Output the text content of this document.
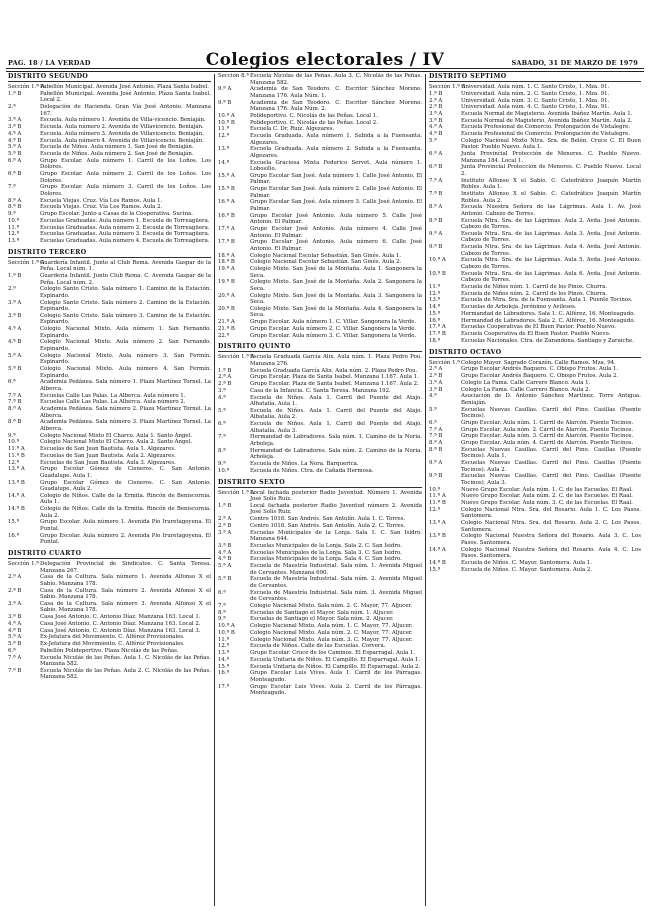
PAG. 18 / LA VERDAD	Colegios electorales / IV	SABADO, 31 DE MARZO DE 1979
DISTRITO SEGUNDO
Sección 1.ª A
Pabellón Municipal. Avenida José Antonio. Plaza Santa Isabel.
1.ª B	Pabellón Municipal. Avenida José Antonio. Plaza Santa Isabel. Local 2.
2.ª	Delegación de Hacienda. Gran Vía José Antonio. Manzana 167.
3.ª A	Escuela. Aula número 1. Avenida de Villa-vicencio. Beniaján.
3.ª B	Escuela. Aula número 2. Avenida de Villavicencio. Beniaján.
4.ª A	Escuela. Aula número 3. Avenida de Villavicencio. Beniaján.
4.ª B	Escuela. Aula número 4. Avenida de Villavicencio. Beniaján.
5.ª A	Escuela de Niños. Aula número 1. San José de Beniaján.
5.ª B	Escuela de Niños. Aula número 2. San José de Beniaján.
6.ª A	Grupo Escolar. Aula número 1. Carril de los Loños. Los Dolores.
6.ª B	Grupo Escolar. Aula número 2. Carril de los Loños. Los Dolores.
7.ª	Grupo Escolar. Aula número 3. Carril de los Loños. Los Dolores.
8.ª A	Escuela Viejas. Cruz. Vía Los Ramos. Aula 1.
8.ª B	Escuela Viejas. Cruz. Vía Los Ramos. Aula 2.
9.ª	Grupo Escolar. Junto a Casas de la Cooperativa. Sucina.
10.ª	Escuelas Graduadas. Aula número 1. Escuela de Torreagüera.
11.ª	Escuelas Graduadas. Aula número 2. Escuela de Torreagüera.
12.ª	Escuelas Graduadas. Aula número 3. Escuela de Torreagüera.
13.ª	Escuelas Graduadas. Aula número 4. Escuela de Torreagüera.
DISTRITO TERCERO
Sección 1.ª A
Guardería Infantil. Junto al Club Rema. Avenida Gaspar de la Peña. Local núm. 1.
1.ª B	Guardería Infantil. Junto Club Rema. C. Avenida Gaspar de la Peña. Local núm. 2.
2.ª	Colegio Santo Cristo. Sala número 1. Camino de la Estación. Espinardo.
3.ª A	Colegio Santo Cristo. Sala número 2. Camino de la Estación. Espinardo.
3.ª B	Colegio Santo Cristo. Sala número 3. Camino de la Estación. Espinardo.
4.ª A	Colegio Nacional Mixto. Aula número 1. San Fernando. Espinardo.
4.ª B	Colegio Nacional Mixto. Aula número 2. San Fernando. Espinardo.
5.ª A	Colegio Nacional Mixto. Aula número 3. San Fermín. Espinardo.
5.ª B	Colegio Nacional Mixto. Aula número 4. San Fermín. Espinardo.
6.ª	Academia Pedánea. Sala número 1. Plaza Martínez Tornel. La Alberca.
7.ª A	Escuelas Calle Las Palas. La Alberca. Aula número 1.
7.ª B	Escuelas Calle Las Palas. La Alberca. Aula número 2.
8.ª A	Academia Pedánea. Sala número 2. Plaza Martínez Tornel. La Alberca.
8.ª B	Academia Pedánea. Sala número 3. Plaza Martínez Tornel. La Alberca.
9.ª	Colegio Nacional Mixto El Charco. Aula 1. Santo Ángel.
10.ª	Colegio Nacional Mixto El Charco. Aula 2. Santo Ángel.
11.ª A	Escuelas de San Juan Bautista. Aula 1. Algezares.
11.ª B	Escuelas de San Juan Bautista. Aula 2. Algezares.
12.ª	Escuelas de San Juan Bautista. Aula 3. Algezares.
13.ª A	Grupo Escolar Gómez de Cisneros. C. San Antonio. Guadalupe. Aula 1.
13.ª B	Grupo Escolar Gómez de Cisneros. C. San Antonio. Guadalupe. Aula 2.
14.ª A	Colegio de Niños. Calle de la Ermita. Rincón de Beniscornia. Aula 1.
14.ª B	Colegio de Niños. Calle de la Ermita. Rincón de Beniscornia. Aula 2.
15.ª	Grupo Escolar. Aula número 1. Avenida Pío Iruretagoyena. El Puntal.
16.ª	Grupo Escolar. Aula número 2. Avenida Pío Iruretagoyena. El Puntal.
DISTRITO CUARTO
Sección 1.ª Delegación Provincial de Sindicatos. C. Santa Teresa. Manzana 267.
2.ª A	Casa de la Cultura. Sala número 1. Avenida Alfonso X el Sabio. Manzana 178.
2.ª B	Casa de la Cultura. Sala número 2. Avenida Alfonso X el Sabio. Manzana 178.
3.ª A	Casa de la Cultura. Sala número 3. Avenida Alfonso X el Sabio. Manzana 178.
3.ª B	Casa José Antonio. C. Antonio Díaz. Manzana 163. Local 1.
4.ª A	Casa José Antonio. C. Antonio Díaz. Manzana 163. Local 2.
4.ª B	Casa José Antonio. C. Antonio Díaz. Manzana 163. Local 3.
5.ª A	Ex-Jefatura del Movimiento. C. Alférez Provisionales.
5.ª B	Ex-Jefatura del Movimiento. C. Alférez Provisionales.
6.ª	Pabellón Polideportivo. Plaza Nicolás de las Peñas.
7.ª A	Escuela Nicolás de las Peñas. Aula 1. C. Nicolás de las Peñas. Manzana 582.
7.ª B	Escuela Nicolás de las Peñas. Aula 2. C. Nicolás de las Peñas. Manzana 582.
Sección 8.ª Escuela Nicolás de las Peñas. Aula 3. C. Nicolás de las Peñas. Manzana 582.
9.ª A	Academia de San Teodoro. C. Escritor Sánchez Moreno. Manzana 176. Aula Núm. 1.
9.ª B	Academia de San Teodoro. C. Escritor Sánchez Moreno. Manzana 176. Aula Núm. 2.
10.ª A	Polideportivo. C. Nicolás de las Peñas. Local 1.
10.ª B	Polideportivo. C. Nicolás de las Peñas. Local 2.
11.ª	Escuela C. Dr. Ruiz. Algezares.
12.ª	Escuela Graduada. Aula número 1. Subida a la Fuensanta. Algezares.
13.ª	Escuela Graduada. Aula número 2. Subida a la Fuensanta. Algezares.
14.ª	Escuela Graciosa Mixta Federico Servet. Aula número 1. Lobosillo.
15.ª A	Grupo Escolar San José. Aula número 1. Calle José Antonio. El Palmar.
15.ª B	Grupo Escolar San José. Aula número 2. Calle José Antonio. El Palmar.
16.ª A	Grupo Escolar San José. Aula número 3. Calle José Antonio. El Palmar.
16.ª B	Grupo Escolar José Antonio. Aula número 5. Calle José Antonio. El Palmar.
17.ª A	Grupo Escolar José Antonio. Aula número 4. Calle José Antonio. El Palmar.
17.ª B	Grupo Escolar José Antonio. Aula número 6. Calle José Antonio. El Palmar.
18.ª A	Colegio Nacional Escolar Sebastián. San Ginés. Aula 1.
18.ª B	Colegio Nacional Escolar Sebastián. San Ginés. Aula 2.
19.ª A	Colegio Mixto. San José de la Montaña. Aula 1. Sangonera la Seca.
19.ª B	Colegio Mixto. San José de la Montaña. Aula 2. Sangonera la Seca.
20.ª A	Colegio Mixto. San José de la Montaña. Aula 3. Sangonera la Seca.
20.ª B	Colegio Mixto. San José de la Montaña. Aula 4. Sangonera la Seca.
21.ª A	Grupo Escolar. Aula número 1. C. Villar. Sangonera la Verde.
21.ª B	Grupo Escolar. Aula número 2. C. Villar. Sangonera la Verde.
22.ª	Grupo Escolar. Aula número 3. C. Villar. Sangonera la Verde.
DISTRITO QUINTO
Sección 1.ª A
Escuela Graduada García Alix. Aula núm. 1. Plaza Pedro Pou. Manzana 276.
1.ª B	Escuela Graduada García Alix. Aula núm. 2. Plaza Pedro Pou.
2.ª A	Grupo Escolar. Plaza de Santa Isabel. Manzana 1.167. Aula 1.
2.ª B	Grupo Escolar. Plaza de Santa Isabel. Manzana 1.167. Aula 2.
3.ª	Casa de la Infancia. C. Santa Teresa. Manzana 192.
4.ª	Escuela de Niños. Aula 1. Carril del Puente del Atajo. Albatalía. Aula 1.
5.ª	Escuela de Niños. Aula 1. Carril del Puente del Atajo. Albatalía. Aula 2.
6.ª	Escuela de Niños. Aula 1. Carril del Puente del Atajo. Albatalía. Aula 3.
7.ª	Hermandad de Labradores. Sala núm. 1. Camino de la Noria. Arboleja.
8.ª	Hermandad de Labradores. Sala núm. 2. Camino de la Noria. Arboleja.
9.ª	Escuela de Niños. La Ñora. Barquerica.
10.ª	Escuela de Niños. Ctra. de Cañada Hermosa.
DISTRITO SEXTO
Sección 1.ª A
Local fachada posterior Radio Juventud. Número 1. Avenida José Solís Ruiz.
1.ª B	Local fachada posterior Radio Juventud número 2. Avenida José Solís Ruiz.
2.ª A	Centro 1018. San Andrés. San Antolín. Aula 1. C. Torres.
2.ª B	Centro 1018. San Andrés. San Antolín. Aula 2. C. Torres.
3.ª A	Escuelas Municipales de la Lonja. Sala 1. C. San Isidro. Manzana 644.
3.ª B	Escuelas Municipales de la Lonja. Sala 2. C. San Isidro.
4.ª A	Escuelas Municipales de la Lonja. Sala 3. C. San Isidro.
4.ª B	Escuelas Municipales de la Lonja. Sala 4. C. San Isidro.
5.ª A	Escuela de Maestría Industrial. Sala núm. 1. Avenida Miguel de Cervantes. Manzana 690.
5.ª B	Escuela de Maestría Industrial. Sala núm. 2. Avenida Miguel de Cervantes.
6.ª	Escuela de Maestría Industrial. Sala núm. 3. Avenida Miguel de Cervantes.
7.ª	Colegio Nacional Mixto. Sala núm. 2. C. Mayor, 77. Aljucer.
8.ª	Escuelas de Santiago el Mayor. Sala núm. 1. Aljucer.
9.ª	Escuelas de Santiago el Mayor. Sala núm. 2. Aljucer.
10.ª A	Colegio Nacional Mixto. Aula núm. 1. C. Mayor, 77. Aljucer.
10.ª B	Colegio Nacional Mixto. Aula núm. 2. C. Mayor, 77. Aljucer.
11.ª	Colegio Nacional Mixto. Aula núm. 3. C. Mayor, 77. Aljucer.
12.ª	Escuela de Niños. Calle de las Escuelas. Corvera.
13.ª	Grupo Escolar. Cruce de los Caminos. El Esparragal. Aula 1.
14.ª	Escuela Unitaria de Niños. El Campillo. El Esparragal. Aula 1.
15.ª	Escuela Unitaria de Niños. El Campillo. El Esparragal. Aula 2.
16.ª	Grupo Escolar Luis Vives. Aula 1. Carril de los Párragas. Monteagudo.
17.ª	Grupo Escolar Luis Vives. Aula 2. Carril de los Párragas. Monteagudo.
DISTRITO SEPTIMO
Sección 1.ª A
Universidad. Aula núm. 1. C. Santo Cristo, 1. Mza. 91.
1.ª B	Universidad. Aula núm. 2. C. Santo Cristo, 1. Mza. 91.
2.ª A	Universidad. Aula núm. 3. C. Santo Cristo, 1. Mza. 91.
2.ª B	Universidad. Aula núm. 4. C. Santo Cristo, 1. Mza. 91.
3.ª A	Escuela Normal de Magisterio. Avenida Ibáñez Martín. Aula 1.
3.ª B	Escuela Normal de Magisterio. Avenida Ibáñez Martín. Aula 2.
4.ª A	Escuela Profesional de Comercio. Prolongación de Vistalegre.
4.ª B	Escuela Profesional de Comercio. Prolongación de Vistalegre.
5.ª	Colegio Nacional Mixto Ntra. Sra. de Belén. Cruce C. El Buen Pastor. Pueblo Nuevo. Aula 1.
6.ª A	Junta Provincial Protección de Menores. C. Pueblo Nuevo. Manzana 184. Local 1.
6.ª B	Junta Provincial Protección de Menores. C. Pueblo Nuevo. Local 2.
7.ª A	Instituto Alfonso X el Sabio. C. Catedrático Joaquín Martín Robles. Aula 1.
7.ª B	Instituto Alfonso X el Sabio. C. Catedrático Joaquín Martín Robles. Aula 2.
8.ª A	Escuela Nuestra Señora de las Lágrimas. Aula 1. Av. José Antonio. Cabezo de Torres.
8.ª B	Escuela Ntra. Sra. de las Lágrimas. Aula 2. Avda. José Antonio. Cabezo de Torres.
9.ª A	Escuela Ntra. Sra. de las Lágrimas. Aula 3. Avda. José Antonio. Cabezo de Torres.
9.ª B	Escuela Ntra. Sra. de las Lágrimas. Aula 4. Avda. José Antonio. Cabezo de Torres.
10.ª A	Escuela Ntra. Sra. de las Lágrimas. Aula 5. Avda. José Antonio. Cabezo de Torres.
10.ª B	Escuela Ntra. Sra. de las Lágrimas. Aula 6. Avda. José Antonio. Cabezo de Torres.
11.ª	Escuela de Niños núm. 1. Carril de los Pinos. Churra.
12.ª	Escuela de Niños núm. 2. Carril de los Pinos. Churra.
13.ª	Escuela de Ntra. Sra. de la Fuensanta. Aula 1. Puente Tocinos.
14.ª	Escuelas de Arboleja. Jerónimo y Avileses.
15.ª	Hermandad de Labradores. Sala 1. C. Alférez, 16. Monteagudo.
16.ª	Hermandad de Labradores. Sala 2. C. Alférez, 16. Monteagudo.
17.ª A	Escuelas Cooperativas de El Buen Pastor. Pueblo Nuevo.
17.ª B	Escuela Cooperativa de El Buen Pastor. Pueblo Nuevo.
18.ª	Escuelas Nacionales. Ctra. de Zarandona. Santiago y Zaraiche.
DISTRITO OCTAVO
Sección 1.ª Colegio Mayor. Sagrado Corazón. Calle Ramos. Mza. 94.
2.ª A	Grupo Escolar Andrés Baquero. C. Obispo Frutos. Aula 1.
2.ª B	Grupo Escolar Andrés Baquero. C. Obispo Frutos. Aula 2.
3.ª A	Colegio La Fama. Calle Carrero Blanco. Aula 1.
3.ª B	Colegio La Fama. Calle Carrero Blanco. Aula 2.
4.ª	Asociación de D. Antonio Sánchez Martínez. Torre Antigua. Beniaján.
5.ª	Escuelas Nuevas Casillas. Carril del Pino. Casillas (Puente Tocinos).
6.ª	Grupo Escolar. Aula núm. 1. Carril de Alarcón. Puente Tocinos.
7.ª A	Grupo Escolar. Aula núm. 2. Carril de Alarcón. Puente Tocinos.
7.ª B	Grupo Escolar. Aula núm. 3. Carril de Alarcón. Puente Tocinos.
8.ª A	Grupo Escolar. Aula núm. 4. Carril de Alarcón. Puente Tocinos.
8.ª B	Escuelas Nuevas Casillas. Carril del Pino. Casillas (Puente Tocinos). Aula 1.
9.ª A	Escuelas Nuevas Casillas. Carril del Pino. Casillas (Puente Tocinos). Aula 2.
9.ª B	Escuelas Nuevas Casillas. Carril del Pino. Casillas (Puente Tocinos). Aula 3.
10.ª	Nuevo Grupo Escolar. Aula núm. 1. C. de las Escuelas. El Raal.
11.ª A	Nuevo Grupo Escolar. Aula núm. 2. C. de las Escuelas. El Raal.
11.ª B	Nuevo Grupo Escolar. Aula núm. 3. C. de las Escuelas. El Raal.
12.ª	Colegio Nacional Ntra. Sra. del Rosario. Aula 1. C. Los Pasos. Santomera.
13.ª A	Colegio Nacional Ntra. Sra. del Rosario. Aula 2. C. Los Pasos. Santomera.
13.ª B	Colegio Nacional Nuestra Señora del Rosario. Aula 3. C. Los Pasos. Santomera.
14.ª A	Colegio Nacional Nuestra Señora del Rosario. Aula 4. C. Los Pasos. Santomera.
14.ª B	Escuela de Niños. C. Mayor. Santomera. Aula 1.
15.ª	Escuela de Niños. C. Mayor. Santomera. Aula 2.
